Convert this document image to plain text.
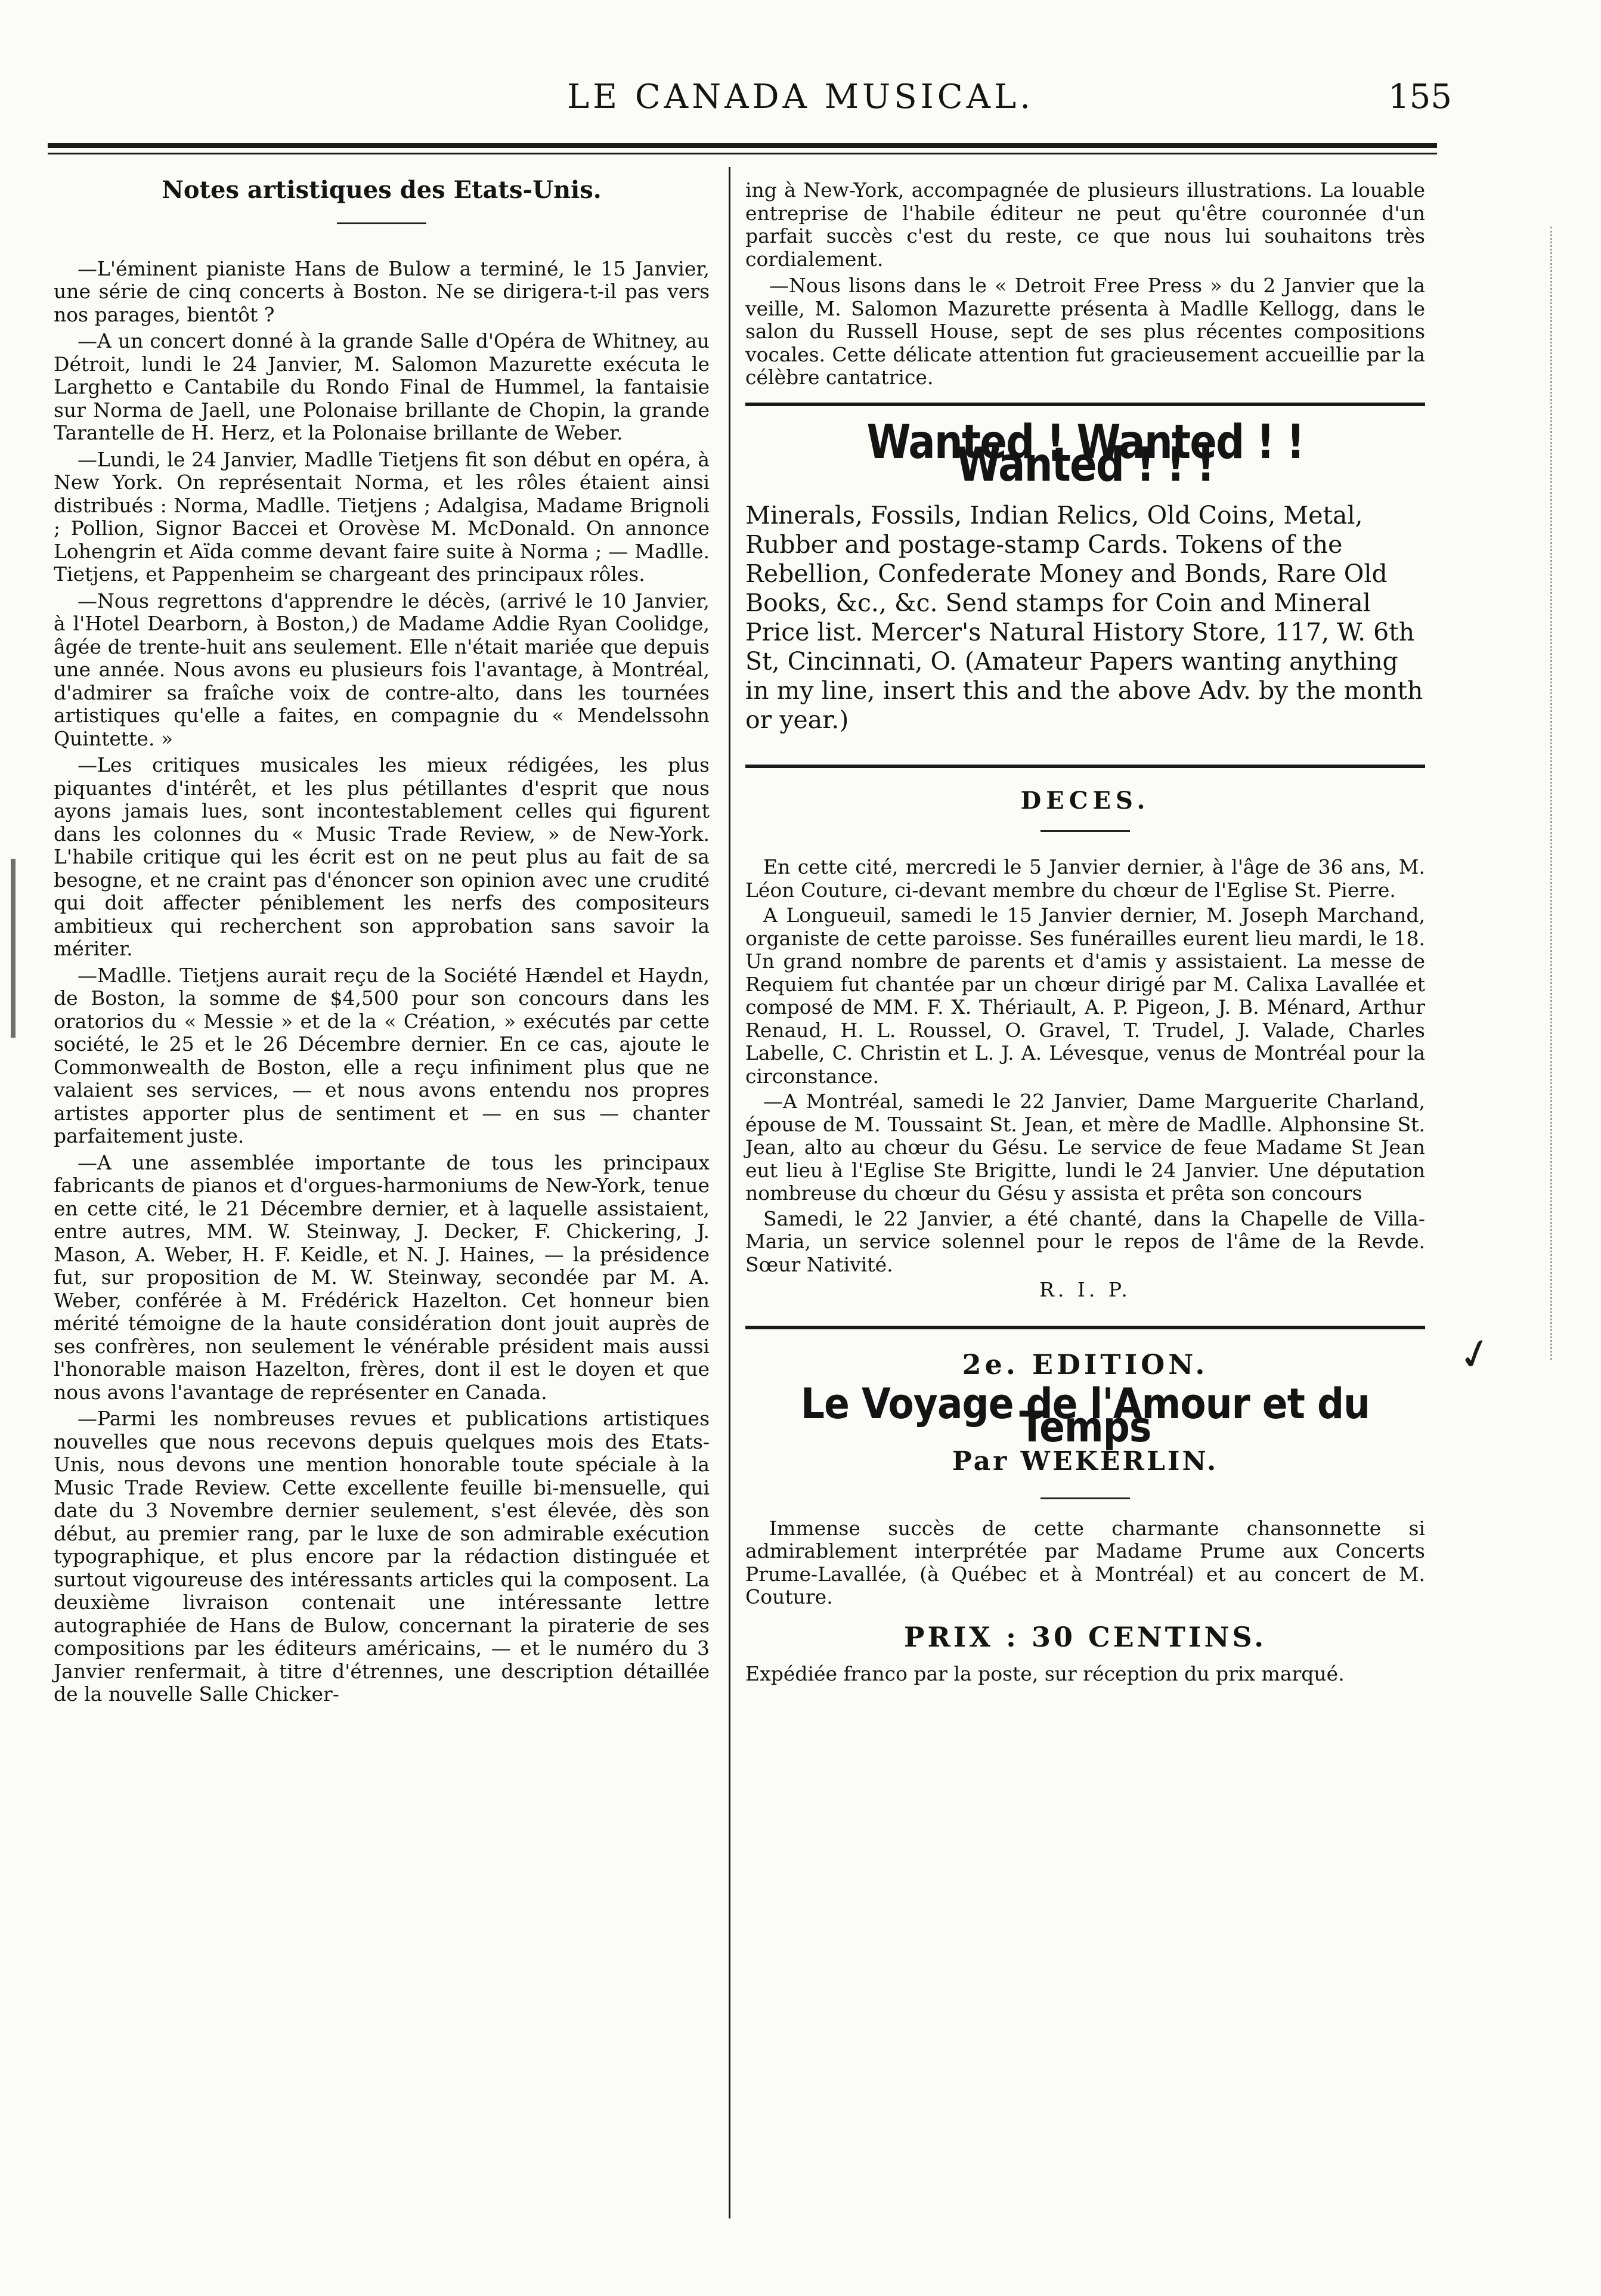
LE CANADA MUSICAL.	155
Notes artistiques des Etats-Unis.

—L'éminent pianiste Hans de Bulow a terminé, le 15 Janvier, une série de cinq concerts à Boston. Ne se dirigera-t-il pas vers nos parages, bientôt ?

—A un concert donné à la grande Salle d'Opéra de Whitney, au Détroit, lundi le 24 Janvier, M. Salomon Mazurette exécuta le Larghetto e Cantabile du Rondo Final de Hummel, la fantaisie sur Norma de Jaell, une Polonaise brillante de Chopin, la grande Tarantelle de H. Herz, et la Polonaise brillante de Weber.

—Lundi, le 24 Janvier, Madlle Tietjens fit son début en opéra, à New York. On représentait Norma, et les rôles étaient ainsi distribués : Norma, Madlle. Tietjens ; Adalgisa, Madame Brignoli ; Pollion, Signor Baccei et Orovèse M. McDonald. On annonce Lohengrin et Aïda comme devant faire suite à Norma ; — Madlle. Tietjens, et Pappenheim se chargeant des principaux rôles.

—Nous regrettons d'apprendre le décès, (arrivé le 10 Janvier, à l'Hotel Dearborn, à Boston,) de Madame Addie Ryan Coolidge, âgée de trente-huit ans seulement. Elle n'était mariée que depuis une année. Nous avons eu plusieurs fois l'avantage, à Montréal, d'admirer sa fraîche voix de contre-alto, dans les tournées artistiques qu'elle a faites, en compagnie du « Mendelssohn Quintette. »

—Les critiques musicales les mieux rédigées, les plus piquantes d'intérêt, et les plus pétillantes d'esprit que nous ayons jamais lues, sont incontestablement celles qui figurent dans les colonnes du « Music Trade Review, » de New-York. L'habile critique qui les écrit est on ne peut plus au fait de sa besogne, et ne craint pas d'énoncer son opinion avec une crudité qui doit affecter péniblement les nerfs des compositeurs ambitieux qui recherchent son approbation sans savoir la mériter.

—Madlle. Tietjens aurait reçu de la Société Hændel et Haydn, de Boston, la somme de $4,500 pour son concours dans les oratorios du « Messie » et de la « Création, » exécutés par cette société, le 25 et le 26 Décembre dernier. En ce cas, ajoute le Commonwealth de Boston, elle a reçu infiniment plus que ne valaient ses services, — et nous avons entendu nos propres artistes apporter plus de sentiment et — en sus — chanter parfaitement juste.

—A une assemblée importante de tous les principaux fabricants de pianos et d'orgues-harmoniums de New-York, tenue en cette cité, le 21 Décembre dernier, et à laquelle assistaient, entre autres, MM. W. Steinway, J. Decker, F. Chickering, J. Mason, A. Weber, H. F. Keidle, et N. J. Haines, — la présidence fut, sur proposition de M. W. Steinway, secondée par M. A. Weber, conférée à M. Frédérick Hazelton. Cet honneur bien mérité témoigne de la haute considération dont jouit auprès de ses confrères, non seulement le vénérable président mais aussi l'honorable maison Hazelton, frères, dont il est le doyen et que nous avons l'avantage de représenter en Canada.

—Parmi les nombreuses revues et publications artistiques nouvelles que nous recevons depuis quelques mois des Etats-Unis, nous devons une mention honorable toute spéciale à la Music Trade Review. Cette excellente feuille bi-mensuelle, qui date du 3 Novembre dernier seulement, s'est élevée, dès son début, au premier rang, par le luxe de son admirable exécution typographique, et plus encore par la rédaction distinguée et surtout vigoureuse des intéressants articles qui la composent. La deuxième livraison contenait une intéressante lettre autographiée de Hans de Bulow, concernant la piraterie de ses compositions par les éditeurs américains, — et le numéro du 3 Janvier renfermait, à titre d'étrennes, une description détaillée de la nouvelle Salle Chicker-

ing à New-York, accompagnée de plusieurs illustrations. La louable entreprise de l'habile éditeur ne peut qu'être couronnée d'un parfait succès c'est du reste, ce que nous lui souhaitons très cordialement.

—Nous lisons dans le « Detroit Free Press » du 2 Janvier que la veille, M. Salomon Mazurette présenta à Madlle Kellogg, dans le salon du Russell House, sept de ses plus récentes compositions vocales. Cette délicate attention fut gracieusement accueillie par la célèbre cantatrice.

Wanted ! Wanted ! ! Wanted ! ! !
Minerals, Fossils, Indian Relics, Old Coins, Metal, Rubber and postage-stamp Cards. Tokens of the Rebellion, Confederate Money and Bonds, Rare Old Books, &c., &c. Send stamps for Coin and Mineral Price list. Mercer's Natural History Store, 117, W. 6th St, Cincinnati, O. (Amateur Papers wanting anything in my line, insert this and the above Adv. by the month or year.)
DECES.

En cette cité, mercredi le 5 Janvier dernier, à l'âge de 36 ans, M. Léon Couture, ci-devant membre du chœur de l'Eglise St. Pierre.

A Longueuil, samedi le 15 Janvier dernier, M. Joseph Marchand, organiste de cette paroisse. Ses funérailles eurent lieu mardi, le 18. Un grand nombre de parents et d'amis y assistaient. La messe de Requiem fut chantée par un chœur dirigé par M. Calixa Lavallée et composé de MM. F. X. Thériault, A. P. Pigeon, J. B. Ménard, Arthur Renaud, H. L. Roussel, O. Gravel, T. Trudel, J. Valade, Charles Labelle, C. Christin et L. J. A. Lévesque, venus de Montréal pour la circonstance.

—A Montréal, samedi le 22 Janvier, Dame Marguerite Charland, épouse de M. Toussaint St. Jean, et mère de Madlle. Alphonsine St. Jean, alto au chœur du Gésu. Le service de feue Madame St Jean eut lieu à l'Eglise Ste Brigitte, lundi le 24 Janvier. Une députation nombreuse du chœur du Gésu y assista et prêta son concours

Samedi, le 22 Janvier, a été chanté, dans la Chapelle de Villa-Maria, un service solennel pour le repos de l'âme de la Revde. Sœur Nativité.

R. I. P.
2e. EDITION.
Le Voyage de l'Amour et du Temps
Par WEKERLIN.

Immense succès de cette charmante chansonnette si admirablement interprétée par Madame Prume aux Concerts Prume-Lavallée, (à Québec et à Montréal) et au concert de M. Couture.

PRIX : 30 CENTINS.
Expédiée franco par la poste, sur réception du prix marqué.
✓
